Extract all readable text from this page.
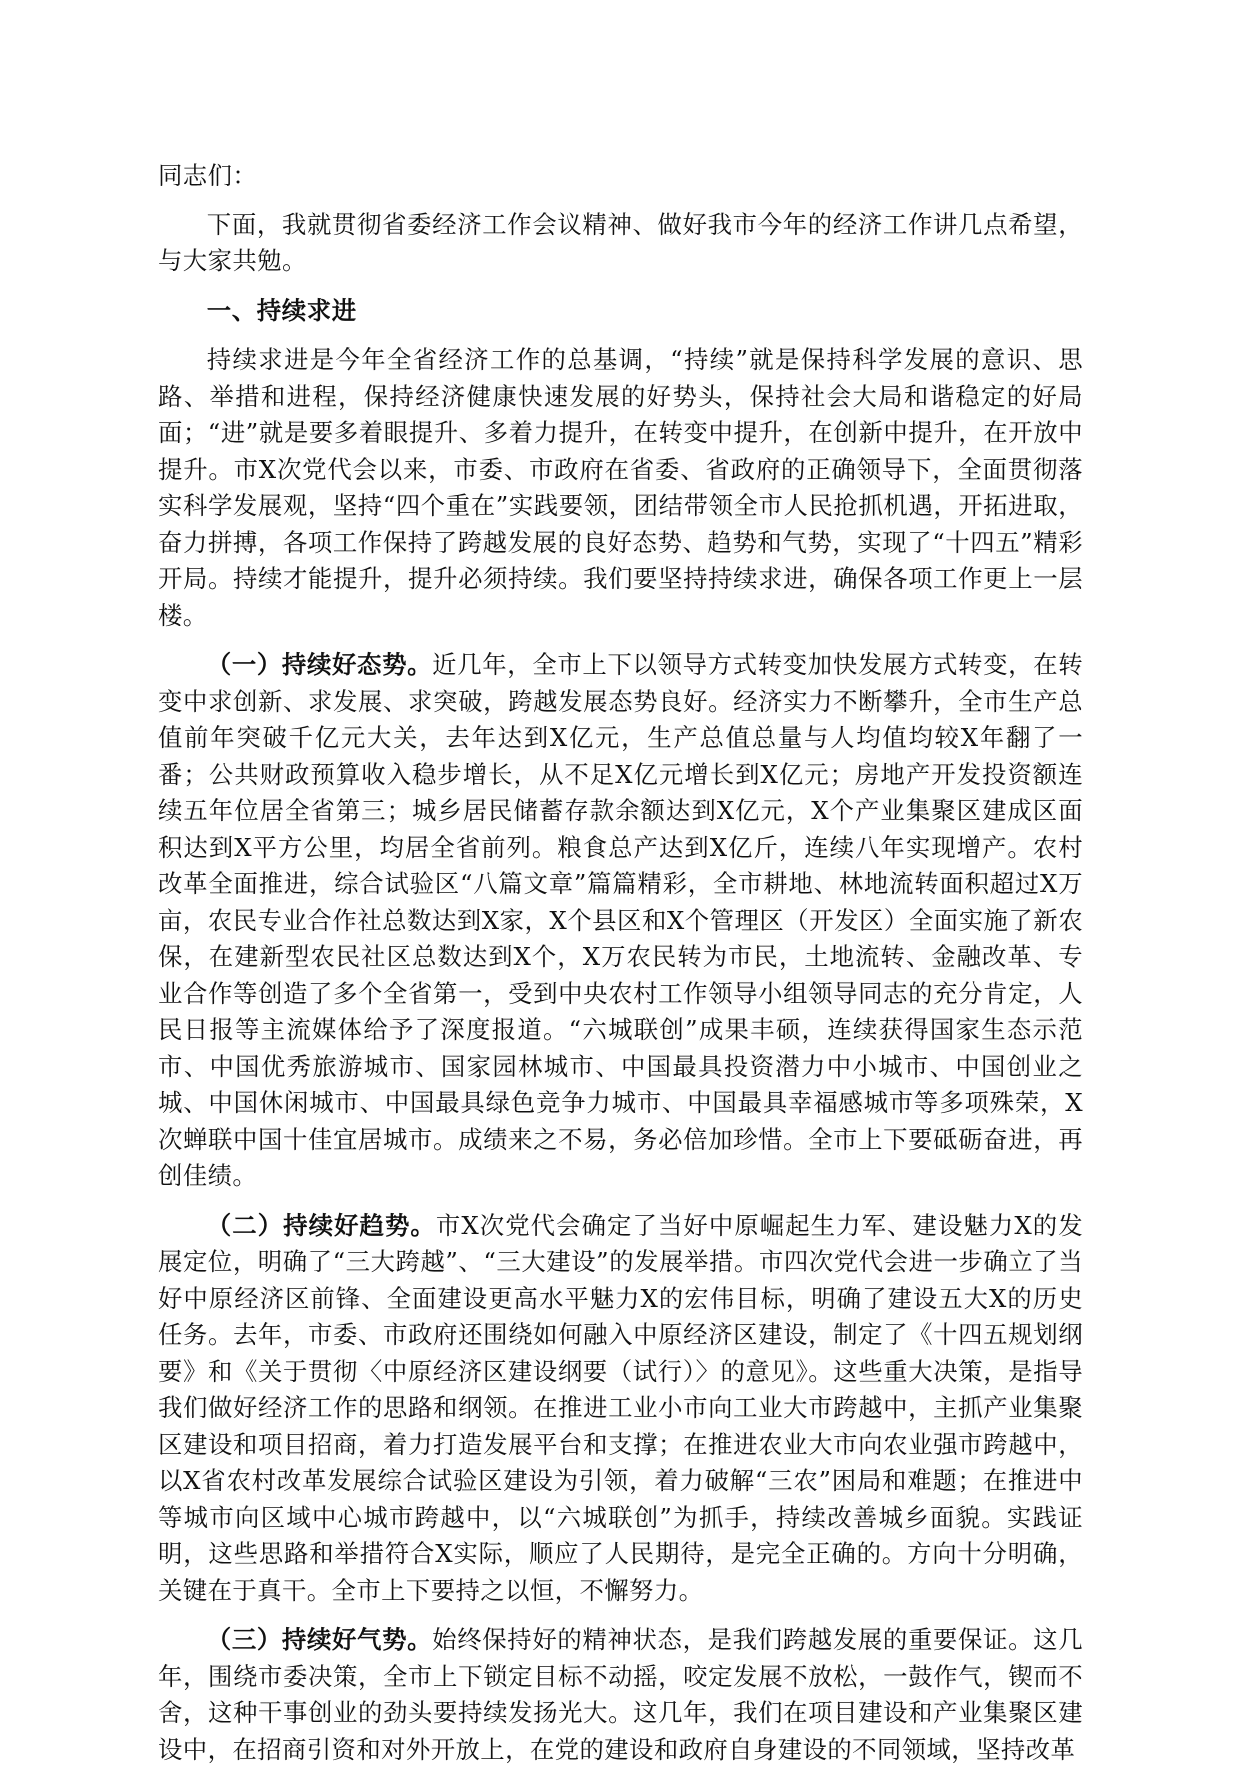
同志们：

下面，我就贯彻省委经济工作会议精神、做好我市今年的经济工作讲几点希望，与大家共勉。

一、持续求进

持续求进是今年全省经济工作的总基调，“持续”就是保持科学发展的意识、思路、举措和进程，保持经济健康快速发展的好势头，保持社会大局和谐稳定的好局面；“进”就是要多着眼提升、多着力提升，在转变中提升，在创新中提升，在开放中提升。市Ⅹ次党代会以来，市委、市政府在省委、省政府的正确领导下，全面贯彻落实科学发展观，坚持“四个重在”实践要领，团结带领全市人民抢抓机遇，开拓进取，奋力拼搏，各项工作保持了跨越发展的良好态势、趋势和气势，实现了“十四五”精彩开局。持续才能提升，提升必须持续。我们要坚持持续求进，确保各项工作更上一层楼。

（一）持续好态势。近几年，全市上下以领导方式转变加快发展方式转变，在转变中求创新、求发展、求突破，跨越发展态势良好。经济实力不断攀升，全市生产总值前年突破千亿元大关，去年达到Ⅹ亿元，生产总值总量与人均值均较Ⅹ年翻了一番；公共财政预算收入稳步增长，从不足Ⅹ亿元增长到Ⅹ亿元；房地产开发投资额连续五年位居全省第三；城乡居民储蓄存款余额达到Ⅹ亿元，Ⅹ个产业集聚区建成区面积达到Ⅹ平方公里，均居全省前列。粮食总产达到Ⅹ亿斤，连续八年实现增产。农村改革全面推进，综合试验区“八篇文章”篇篇精彩，全市耕地、林地流转面积超过Ⅹ万亩，农民专业合作社总数达到Ⅹ家，Ⅹ个县区和Ⅹ个管理区（开发区）全面实施了新农保，在建新型农民社区总数达到Ⅹ个，Ⅹ万农民转为市民，土地流转、金融改革、专业合作等创造了多个全省第一，受到中央农村工作领导小组领导同志的充分肯定，人民日报等主流媒体给予了深度报道。“六城联创”成果丰硕，连续获得国家生态示范市、中国优秀旅游城市、国家园林城市、中国最具投资潜力中小城市、中国创业之城、中国休闲城市、中国最具绿色竞争力城市、中国最具幸福感城市等多项殊荣，Ⅹ次蝉联中国十佳宜居城市。成绩来之不易，务必倍加珍惜。全市上下要砥砺奋进，再创佳绩。

（二）持续好趋势。市Ⅹ次党代会确定了当好中原崛起生力军、建设魅力Ⅹ的发展定位，明确了“三大跨越”、“三大建设”的发展举措。市四次党代会进一步确立了当好中原经济区前锋、全面建设更高水平魅力Ⅹ的宏伟目标，明确了建设五大Ⅹ的历史任务。去年，市委、市政府还围绕如何融入中原经济区建设，制定了《十四五规划纲要》和《关于贯彻〈中原经济区建设纲要（试行）〉的意见》。这些重大决策，是指导我们做好经济工作的思路和纲领。在推进工业小市向工业大市跨越中，主抓产业集聚区建设和项目招商，着力打造发展平台和支撑；在推进农业大市向农业强市跨越中，以Ⅹ省农村改革发展综合试验区建设为引领，着力破解“三农”困局和难题；在推进中等城市向区域中心城市跨越中，以“六城联创”为抓手，持续改善城乡面貌。实践证明，这些思路和举措符合Ⅹ实际，顺应了人民期待，是完全正确的。方向十分明确，关键在于真干。全市上下要持之以恒，不懈努力。

（三）持续好气势。始终保持好的精神状态，是我们跨越发展的重要保证。这几年，围绕市委决策，全市上下锁定目标不动摇，咬定发展不放松，一鼓作气，锲而不舍，这种干事创业的劲头要持续发扬光大。这几年，我们在项目建设和产业集聚区建设中，在招商引资和对外开放上，在党的建设和政府自身建设的不同领域，坚持改革
